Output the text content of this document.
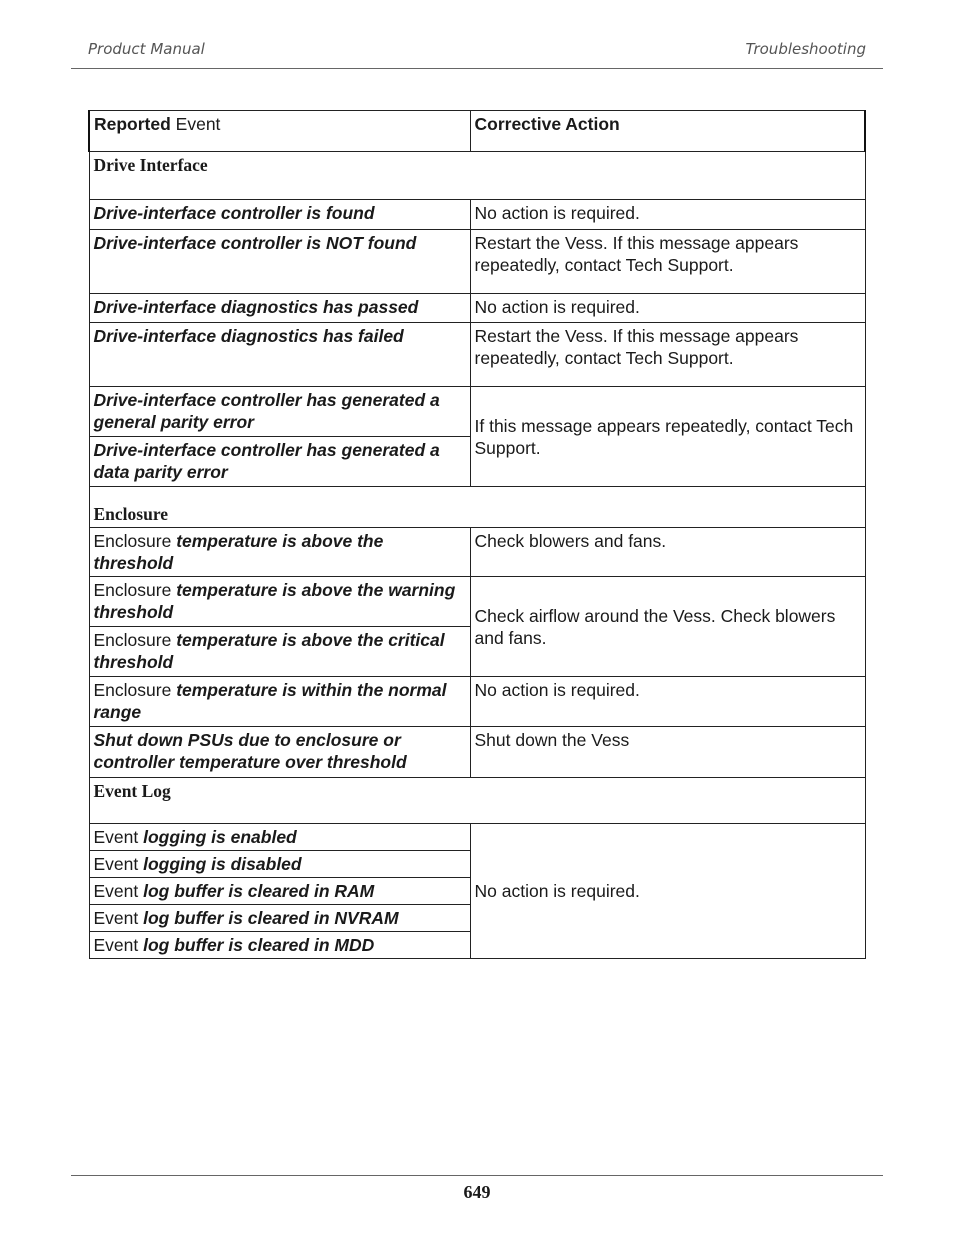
Product Manual	Troubleshooting
Reported Event	Corrective Action
Drive Interface	
Drive-interface controller is found	No action is required.
Drive-interface controller is NOT found	Restart the Vess. If this message appears repeatedly, contact Tech Support.
Drive-interface diagnostics has passed	No action is required.
Drive-interface diagnostics has failed	Restart the Vess. If this message appears repeatedly, contact Tech Support.
Drive-interface controller has generated a general parity error	If this message appears repeatedly, contact Tech Support.
Drive-interface controller has generated a data parity error	
Enclosure	
Enclosure temperature is above the threshold	Check blowers and fans.
Enclosure temperature is above the warning threshold	Check airflow around the Vess. Check blowers and fans.
Enclosure temperature is above the critical threshold	
Enclosure temperature is within the normal range	No action is required.
Shut down PSUs due to enclosure or controller temperature over threshold	Shut down the Vess
Event Log	
Event logging is enabled	No action is required.
Event logging is disabled	
Event log buffer is cleared in RAM	
Event log buffer is cleared in NVRAM	
Event log buffer is cleared in MDD	
649
